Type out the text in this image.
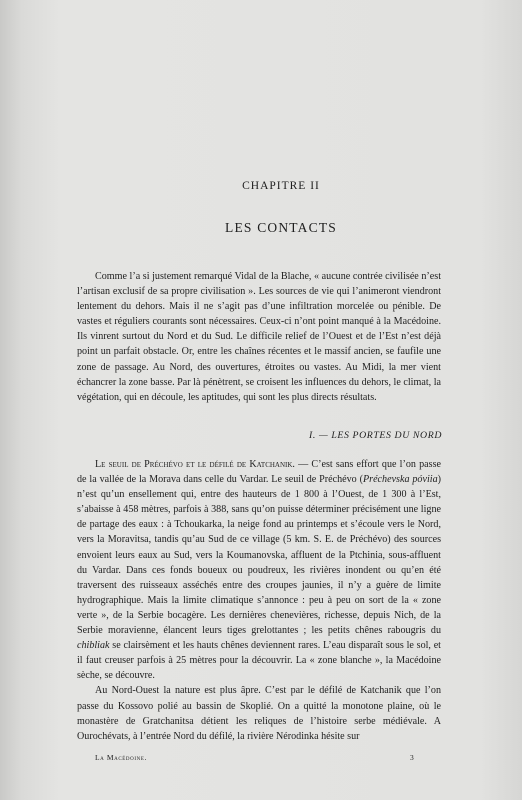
CHAPITRE II
LES CONTACTS

Comme l’a si justement remarqué Vidal de la Blache, « aucune contrée civilisée n’est l’artisan exclusif de sa propre civilisation ». Les sources de vie qui l’animeront viendront lentement du dehors. Mais il ne s’agit pas d’une infiltration morcelée ou pénible. De vastes et réguliers courants sont nécessaires. Ceux-ci n’ont point manqué à la Macédoine. Ils vinrent surtout du Nord et du Sud. Le difficile relief de l’Ouest et de l’Est n’est déjà point un parfait obstacle. Or, entre les chaînes récentes et le massif ancien, se faufile une zone de passage. Au Nord, des ouvertures, étroites ou vastes. Au Midi, la mer vient échancrer la zone basse. Par là pénètrent, se croisent les influences du dehors, le climat, la végétation, qui en découle, les aptitudes, qui sont les plus directs résultats.

I. — LES PORTES DU NORD

Le seuil de Préchévo et le défilé de Katchanik. — C’est sans effort que l’on passe de la vallée de la Morava dans celle du Vardar. Le seuil de Préchévo (Préchevska póviia) n’est qu’un ensellement qui, entre des hauteurs de 1 800 à l’Ouest, de 1 300 à l’Est, s’abaisse à 458 mètres, parfois à 388, sans qu’on puisse déterminer précisément une ligne de partage des eaux : à Tchoukarka, la neige fond au printemps et s’écoule vers le Nord, vers la Moravitsa, tandis qu’au Sud de ce village (5 km. S. E. de Préchévo) des sources envoient leurs eaux au Sud, vers la Koumanovska, affluent de la Ptchinia, sous-affluent du Vardar. Dans ces fonds boueux ou poudreux, les rivières inondent ou qu’en été traversent des ruisseaux asséchés entre des croupes jaunies, il n’y a guère de limite hydrographique. Mais la limite climatique s’annonce : peu à peu on sort de la « zone verte », de la Serbie bocagère. Les dernières chenevières, richesse, depuis Nich, de la Serbie moravienne, élancent leurs tiges grelottantes ; les petits chênes rabougris du chibliak se clairsèment et les hauts chênes deviennent rares. L’eau disparaît sous le sol, et il faut creuser parfois à 25 mètres pour la découvrir. La « zone blanche », la Macédoine sèche, se découvre.

Au Nord-Ouest la nature est plus âpre. C’est par le défilé de Katchanik que l’on passe du Kossovo polié au bassin de Skoplié. On a quitté la monotone plaine, où le monastère de Gratchanitsa détient les reliques de l’histoire serbe médiévale. A Ourochévats, à l’entrée Nord du défilé, la rivière Nérodinka hésite sur

La Macédoine.	3
